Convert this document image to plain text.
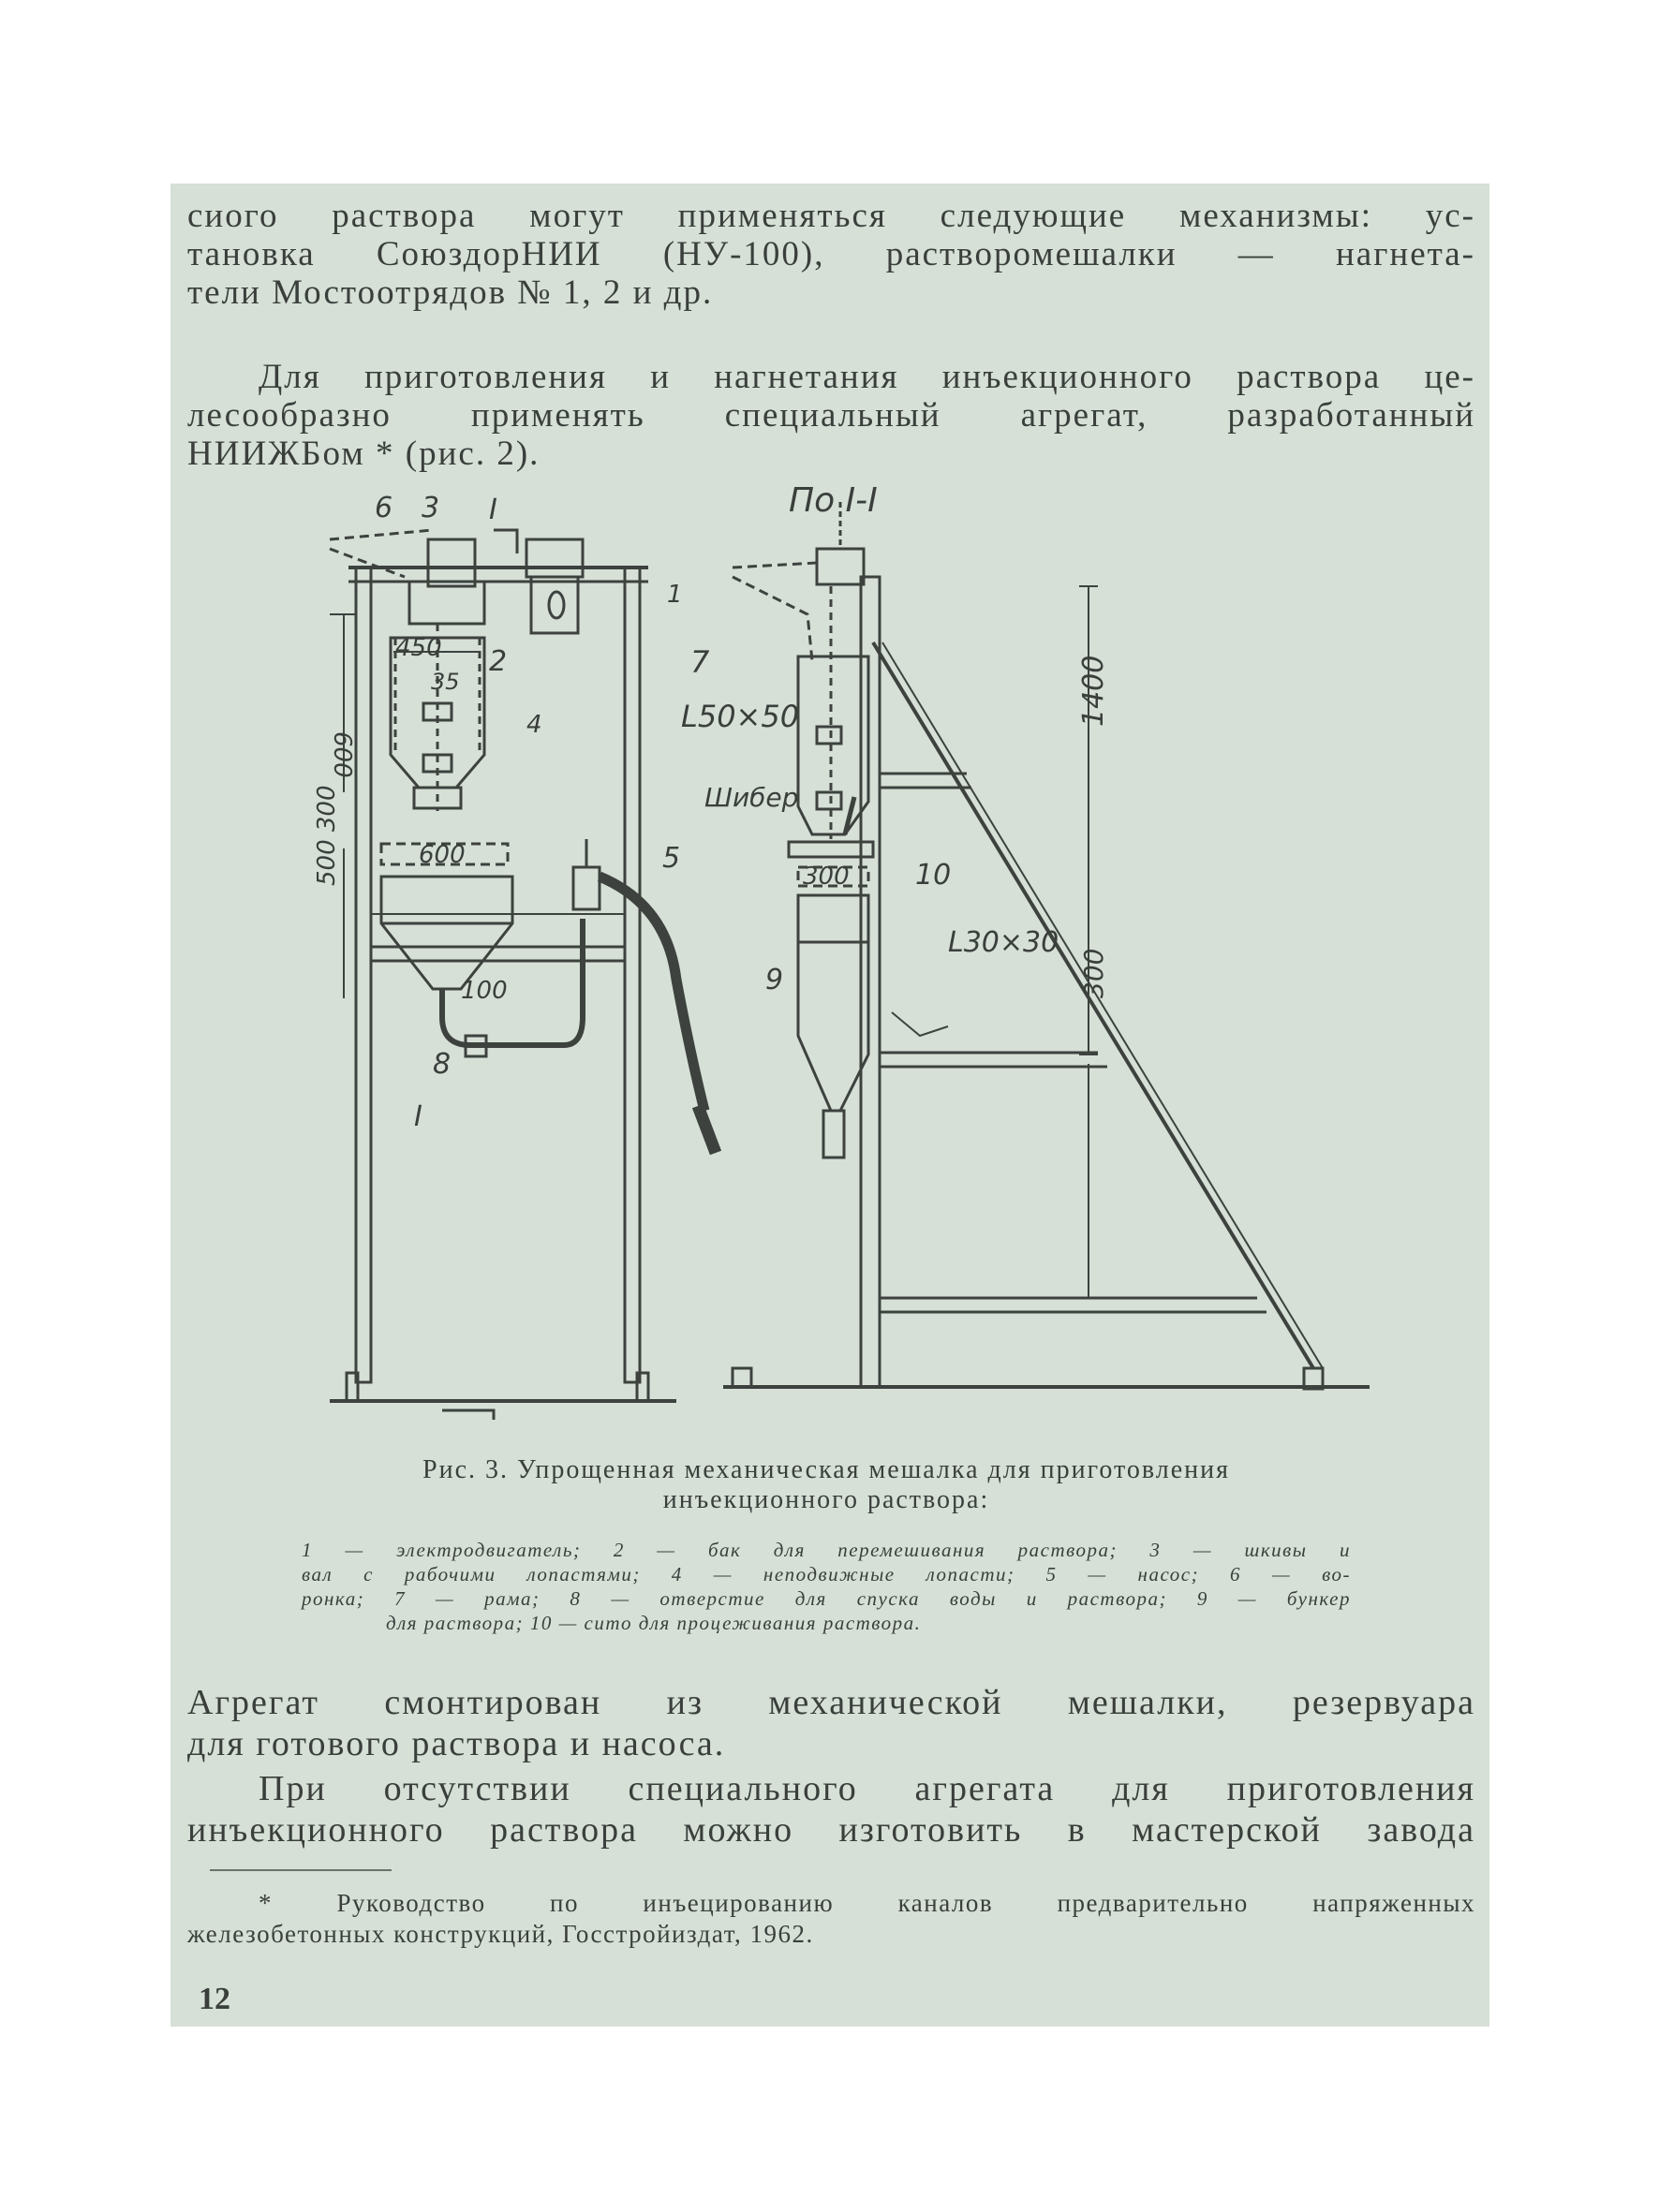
сиого раствора могут применяться следующие механизмы: ус-
тановка СоюздорНИИ (НУ-100), растворомешалки — нагнета-
тели Мостоотрядов № 1, 2 и др.
Для приготовления и нагнетания инъекционного раствора це-
лесообразно применять специальный агрегат, разработанный
НИИЖБом * (рис. 2).
6 3
1
2	7
4	L50×50
5
8
I
I
450
35
600
600
100
500 300
По I-I
Шибер
300 10
L30×30
9
1400
300
Рис. 3. Упрощенная механическая мешалка для приготовления
инъекционного раствора:
1 — электродвигатель; 2 — бак для перемешивания раствора; 3 — шкивы и
вал с рабочими лопастями; 4 — неподвижные лопасти; 5 — насос; 6 — во-
ронка; 7 — рама; 8 — отверстие для спуска воды и раствора; 9 — бункер
для раствора; 10 — сито для процеживания раствора.
Агрегат смонтирован из механической мешалки, резервуара
для готового раствора и насоса.
При отсутствии специального агрегата для приготовления
инъекционного раствора можно изготовить в мастерской завода
* Руководство по инъецированию каналов предварительно напряженных
железобетонных конструкций, Госстройиздат, 1962.
12
